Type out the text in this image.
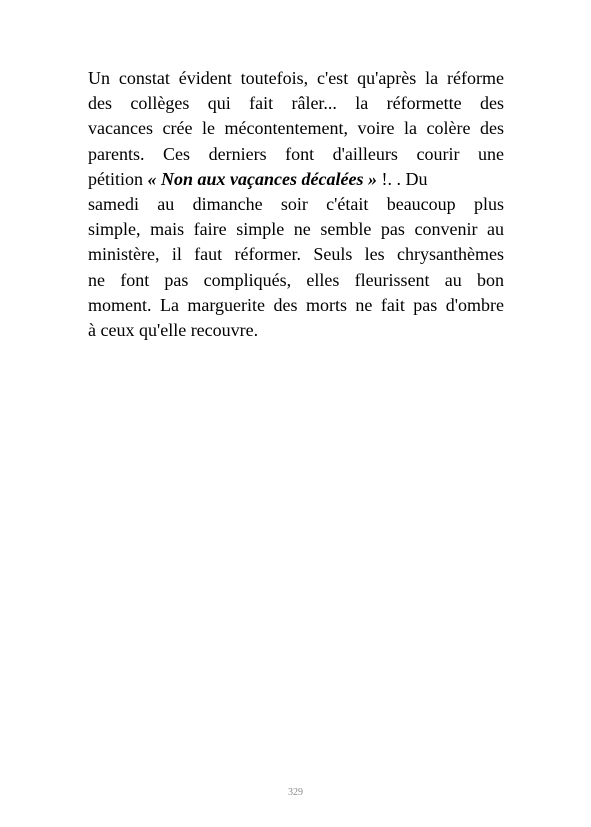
Un constat évident toutefois, c'est qu'après la réforme
des collèges qui fait râler... la réformette des
vacances crée le mécontentement, voire la colère des
parents. Ces derniers font d'ailleurs courir une
pétition « Non aux vaçances décalées » !. . Du
samedi au dimanche soir c'était beaucoup plus
simple, mais faire simple ne semble pas convenir au
ministère, il faut réformer. Seuls les chrysanthèmes
ne font pas compliqués, elles fleurissent au bon
moment. La marguerite des morts ne fait pas d'ombre
à ceux qu'elle recouvre.
329
